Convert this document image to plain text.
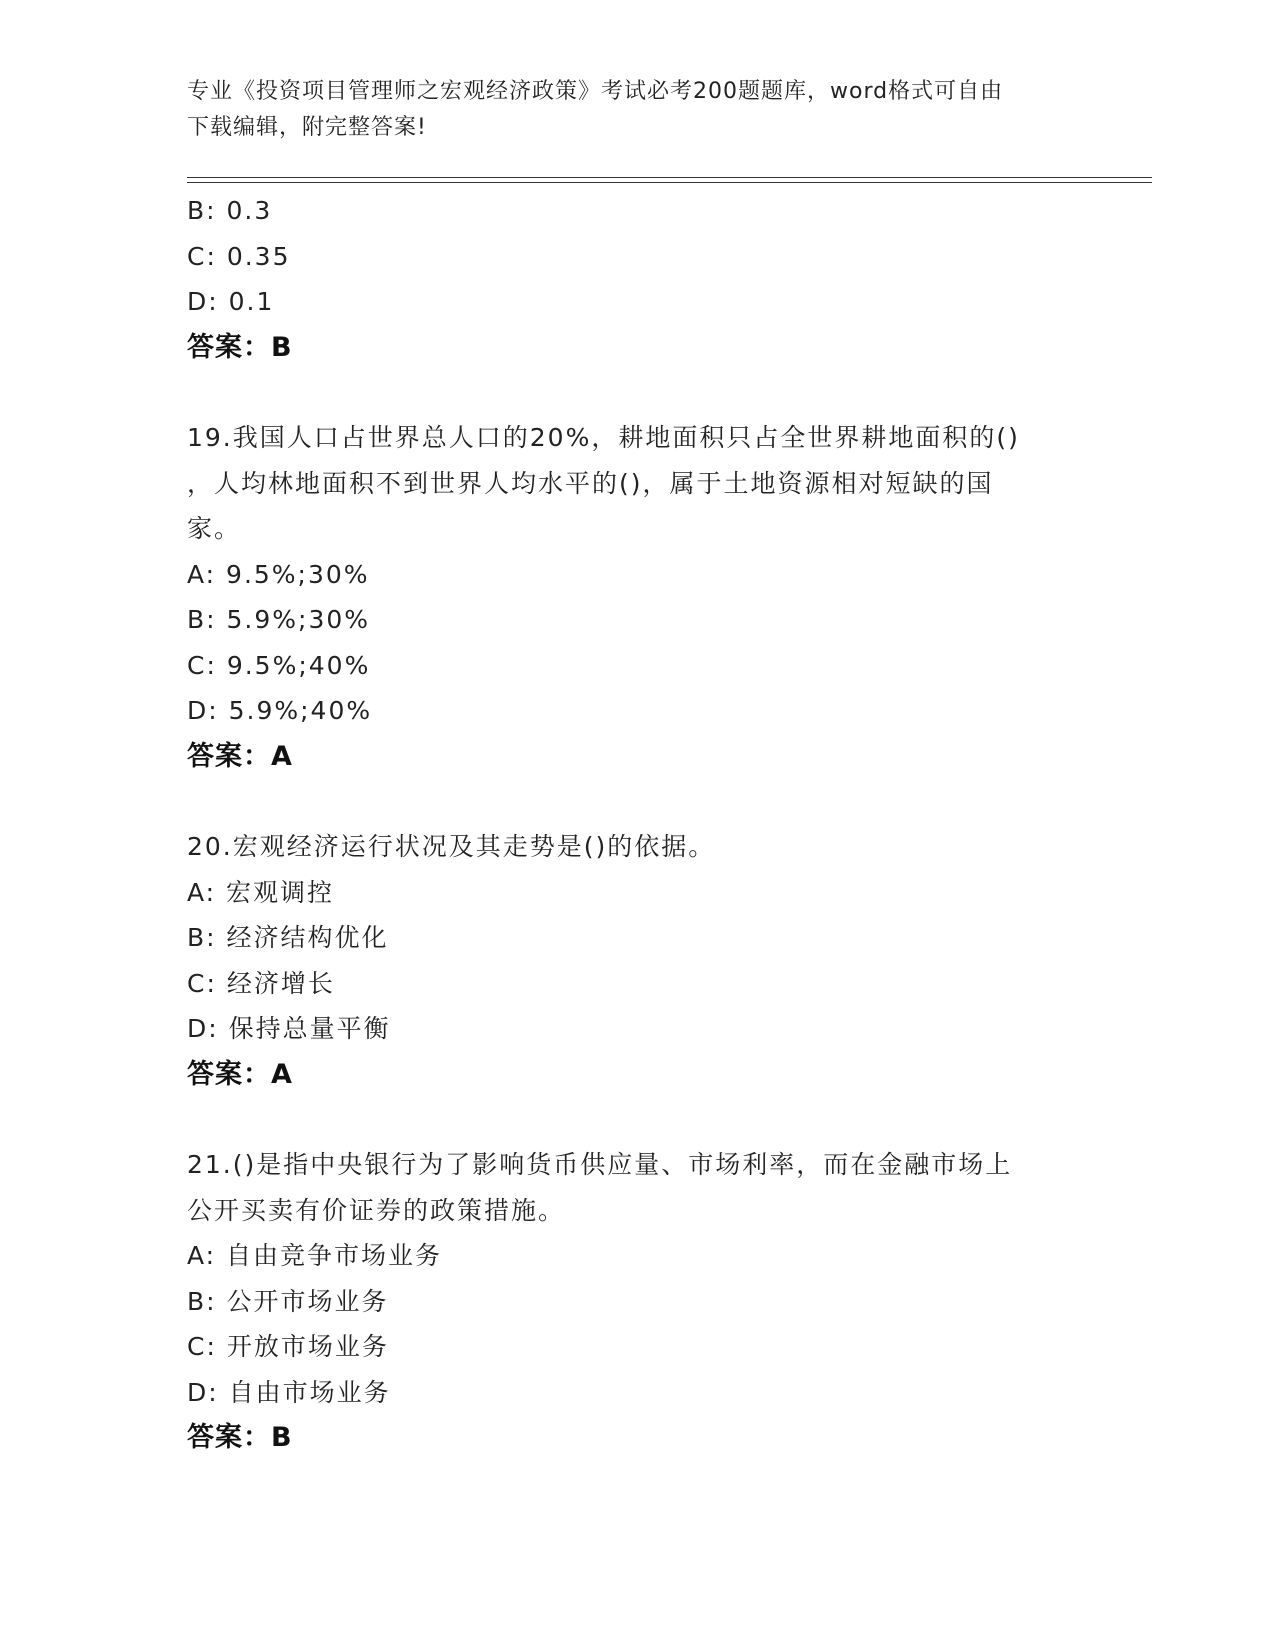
专业《投资项目管理师之宏观经济政策》考试必考200题题库，word格式可自由
下载编辑，附完整答案!
B: 0.3
C: 0.35
D: 0.1
答案：B
19.我国人口占世界总人口的20%，耕地面积只占全世界耕地面积的()
，人均林地面积不到世界人均水平的()，属于土地资源相对短缺的国
家。
A: 9.5%;30%
B: 5.9%;30%
C: 9.5%;40%
D: 5.9%;40%
答案：A
20.宏观经济运行状况及其走势是()的依据。
A: 宏观调控
B: 经济结构优化
C: 经济增长
D: 保持总量平衡
答案：A
21.()是指中央银行为了影响货币供应量、市场利率，而在金融市场上
公开买卖有价证券的政策措施。
A: 自由竞争市场业务
B: 公开市场业务
C: 开放市场业务
D: 自由市场业务
答案：B
